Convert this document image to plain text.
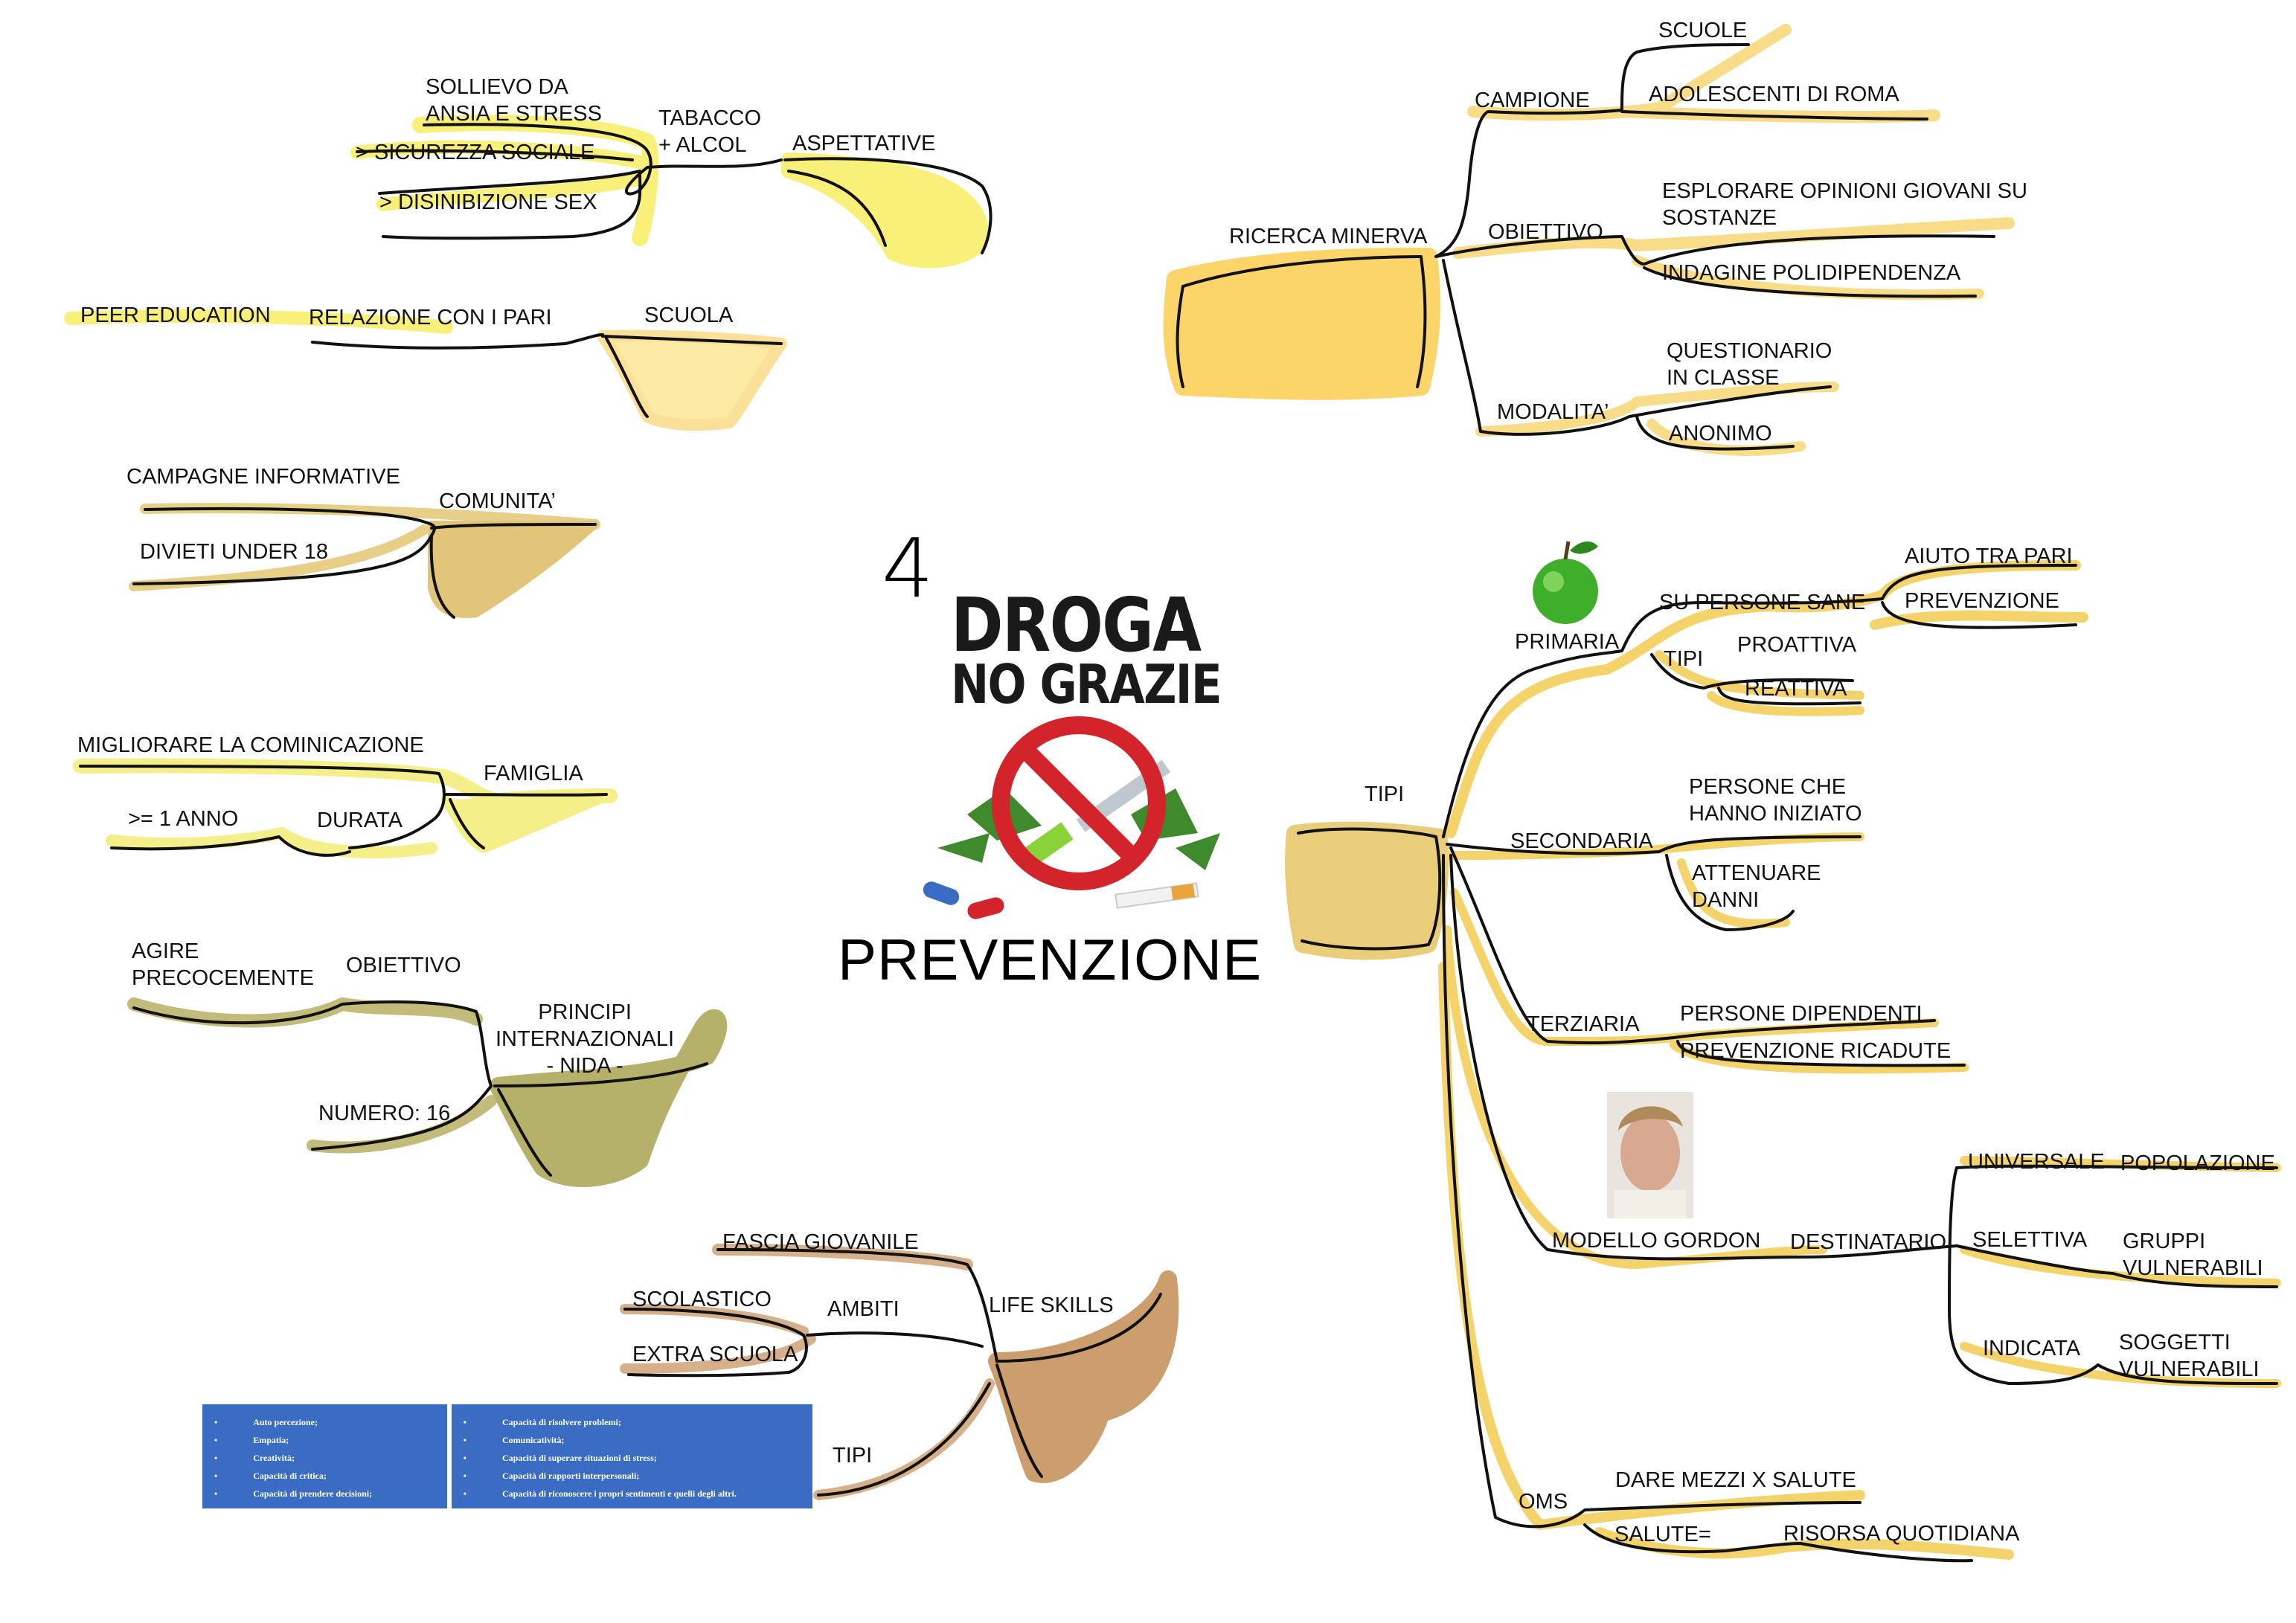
4
DROGA
NO GRAZIE
PREVENZIONE
ASPETTATIVE
TABACCO
+ ALCOL
SOLLIEVO DA
ANSIA E STRESS
> SICUREZZA SOCIALE
> DISINIBIZIONE SEX
SCUOLA
RELAZIONE CON I PARI
PEER EDUCATION
COMUNITA’
CAMPAGNE INFORMATIVE
DIVIETI UNDER 18
FAMIGLIA
MIGLIORARE LA COMINICAZIONE
DURATA
>= 1 ANNO
PRINCIPI
INTERNAZIONALI
- NIDA -
OBIETTIVO
AGIRE
PRECOCEMENTE
NUMERO: 16
LIFE SKILLS
FASCIA GIOVANILE
AMBITI
SCOLASTICO
EXTRA SCUOLA
TIPI
• Auto percezione;
• Empatia;
• Creatività;
• Capacità di critica;
• Capacità di prendere decisioni;
• Capacità di risolvere problemi;
• Comunicatività;
• Capacità di superare situazioni di stress;
• Capacità di rapporti interpersonali;
• Capacità di riconoscere i propri sentimenti e quelli degli altri.
RICERCA MINERVA
CAMPIONE
SCUOLE
ADOLESCENTI DI ROMA
OBIETTIVO
ESPLORARE OPINIONI GIOVANI SU
SOSTANZE
INDAGINE POLIDIPENDENZA
MODALITA’
QUESTIONARIO
IN CLASSE
ANONIMO
TIPI
PRIMARIA
SU PERSONE SANE
AIUTO TRA PARI
PREVENZIONE
TIPI
PROATTIVA
REATTIVA
SECONDARIA
PERSONE CHE
HANNO INIZIATO
ATTENUARE
DANNI
TERZIARIA PERSONE DIPENDENTI
PREVENZIONE RICADUTE
MODELLO GORDON DESTINATARIO
UNIVERSALE POPOLAZIONE
SELETTIVA GRUPPI
VULNERABILI
INDICATA SOGGETTI
VULNERABILI
OMS
DARE MEZZI X SALUTE
SALUTE=	RISORSA QUOTIDIANA
